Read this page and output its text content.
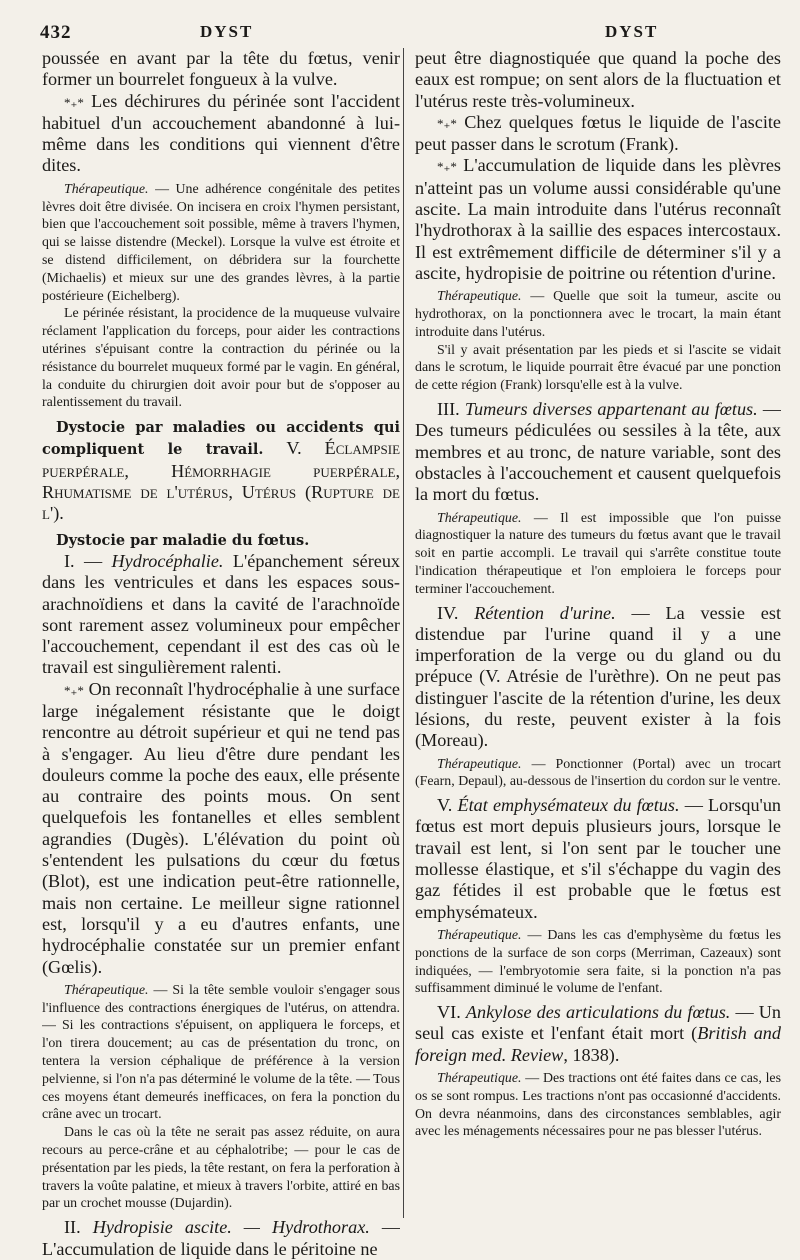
432	DYST	DYST

poussée en avant par la tête du fœtus, venir former un bourrelet fongueux à la vulve.

*₊* Les déchirures du périnée sont l'accident habituel d'un accouchement abandonné à lui-même dans les conditions qui viennent d'être dites.

Thérapeutique. — Une adhérence congénitale des petites lèvres doit être divisée. On incisera en croix l'hymen persistant, bien que l'accouchement soit possible, même à travers l'hymen, qui se laisse distendre (Meckel). Lorsque la vulve est étroite et se distend difficilement, on débridera sur la fourchette (Michaelis) et mieux sur une des grandes lèvres, à la partie postérieure (Eichelberg).

Le périnée résistant, la procidence de la muqueuse vulvaire réclament l'application du forceps, pour aider les contractions utérines s'épuisant contre la contraction du périnée ou la résistance du bourrelet muqueux formé par le vagin. En général, la conduite du chirurgien doit avoir pour but de s'opposer au ralentissement du travail.

Dystocie par maladies ou accidents qui compliquent le travail. V. Éclampsie puerpérale, Hémorrhagie puerpérale, Rhumatisme de l'utérus, Utérus (Rupture de l').

Dystocie par maladie du fœtus.

I. — Hydrocéphalie. L'épanchement séreux dans les ventricules et dans les espaces sous-arachnoïdiens et dans la cavité de l'arachnoïde sont rarement assez volumineux pour empêcher l'accouchement, cependant il est des cas où le travail est singulièrement ralenti.

*₊* On reconnaît l'hydrocéphalie à une surface large inégalement résistante que le doigt rencontre au détroit supérieur et qui ne tend pas à s'engager. Au lieu d'être dure pendant les douleurs comme la poche des eaux, elle présente au contraire des points mous. On sent quelquefois les fontanelles et elles semblent agrandies (Dugès). L'élévation du point où s'entendent les pulsations du cœur du fœtus (Blot), est une indication peut-être rationnelle, mais non certaine. Le meilleur signe rationnel est, lorsqu'il y a eu d'autres enfants, une hydrocéphalie constatée sur un premier enfant (Gœlis).

Thérapeutique. — Si la tête semble vouloir s'engager sous l'influence des contractions énergiques de l'utérus, on attendra. — Si les contractions s'épuisent, on appliquera le forceps, et l'on tirera doucement; au cas de présentation du tronc, on tentera la version céphalique de préférence à la version pelvienne, si l'on n'a pas déterminé le volume de la tête. — Tous ces moyens étant demeurés inefficaces, on fera la ponction du crâne avec un trocart.

Dans le cas où la tête ne serait pas assez réduite, on aura recours au perce-crâne et au céphalotribe; — pour le cas de présentation par les pieds, la tête restant, on fera la perforation à travers la voûte palatine, et mieux à travers l'orbite, attiré en bas par un crochet mousse (Dujardin).

II. Hydropisie ascite. — Hydrothorax. — L'accumulation de liquide dans le péritoine ne

peut être diagnostiquée que quand la poche des eaux est rompue; on sent alors de la fluctuation et l'utérus reste très-volumineux.

*₊* Chez quelques fœtus le liquide de l'ascite peut passer dans le scrotum (Frank).

*₊* L'accumulation de liquide dans les plèvres n'atteint pas un volume aussi considérable qu'une ascite. La main introduite dans l'utérus reconnaît l'hydrothorax à la saillie des espaces intercostaux. Il est extrêmement difficile de déterminer s'il y a ascite, hydropisie de poitrine ou rétention d'urine.

Thérapeutique. — Quelle que soit la tumeur, ascite ou hydrothorax, on la ponctionnera avec le trocart, la main étant introduite dans l'utérus.

S'il y avait présentation par les pieds et si l'ascite se vidait dans le scrotum, le liquide pourrait être évacué par une ponction de cette région (Frank) lorsqu'elle est à la vulve.

III. Tumeurs diverses appartenant au fœtus. — Des tumeurs pédiculées ou sessiles à la tête, aux membres et au tronc, de nature variable, sont des obstacles à l'accouchement et causent quelquefois la mort du fœtus.

Thérapeutique. — Il est impossible que l'on puisse diagnostiquer la nature des tumeurs du fœtus avant que le travail soit en partie accompli. Le travail qui s'arrête constitue toute l'indication thérapeutique et l'on emploiera le forceps pour terminer l'accouchement.

IV. Rétention d'urine. — La vessie est distendue par l'urine quand il y a une imperforation de la verge ou du gland ou du prépuce (V. Atrésie de l'urèthre). On ne peut pas distinguer l'ascite de la rétention d'urine, les deux lésions, du reste, peuvent exister à la fois (Moreau).

Thérapeutique. — Ponctionner (Portal) avec un trocart (Fearn, Depaul), au-dessous de l'insertion du cordon sur le ventre.

V. État emphysémateux du fœtus. — Lorsqu'un fœtus est mort depuis plusieurs jours, lorsque le travail est lent, si l'on sent par le toucher une mollesse élastique, et s'il s'échappe du vagin des gaz fétides il est probable que le fœtus est emphysémateux.

Thérapeutique. — Dans les cas d'emphysème du fœtus les ponctions de la surface de son corps (Merriman, Cazeaux) sont indiquées, — l'embryotomie sera faite, si la ponction n'a pas suffisamment diminué le volume de l'enfant.

VI. Ankylose des articulations du fœtus. — Un seul cas existe et l'enfant était mort (British and foreign med. Review, 1838).

Thérapeutique. — Des tractions ont été faites dans ce cas, les os se sont rompus. Les tractions n'ont pas occasionné d'accidents. On devra néanmoins, dans des circonstances semblables, agir avec les ménagements nécessaires pour ne pas blesser l'utérus.
